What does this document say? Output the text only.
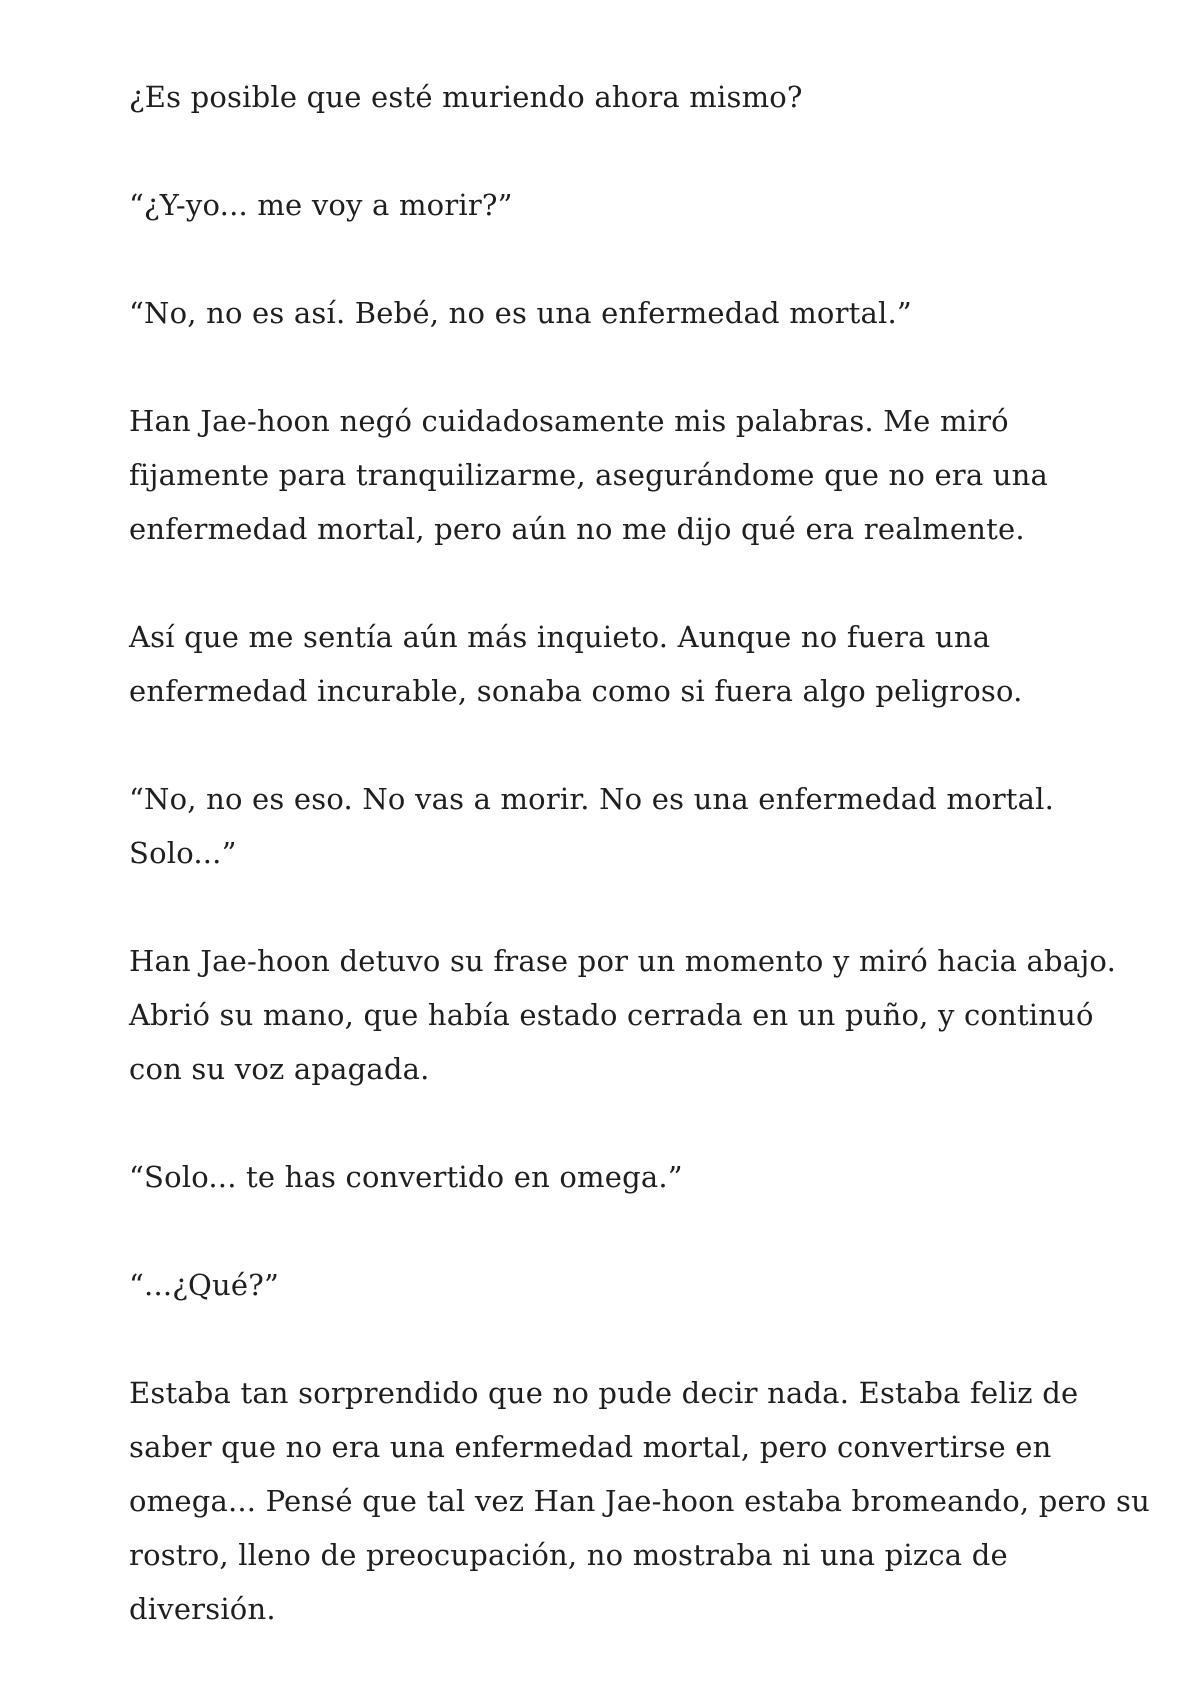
¿Es posible que esté muriendo ahora mismo?

“¿Y-yo... me voy a morir?”

“No, no es así. Bebé, no es una enfermedad mortal.”

Han Jae-hoon negó cuidadosamente mis palabras. Me miró
fijamente para tranquilizarme, asegurándome que no era una
enfermedad mortal, pero aún no me dijo qué era realmente.

Así que me sentía aún más inquieto. Aunque no fuera una
enfermedad incurable, sonaba como si fuera algo peligroso.

“No, no es eso. No vas a morir. No es una enfermedad mortal.
Solo...”

Han Jae-hoon detuvo su frase por un momento y miró hacia abajo.
Abrió su mano, que había estado cerrada en un puño, y continuó
con su voz apagada.

“Solo... te has convertido en omega.”

“...¿Qué?”

Estaba tan sorprendido que no pude decir nada. Estaba feliz de
saber que no era una enfermedad mortal, pero convertirse en
omega... Pensé que tal vez Han Jae-hoon estaba bromeando, pero su
rostro, lleno de preocupación, no mostraba ni una pizca de
diversión.
